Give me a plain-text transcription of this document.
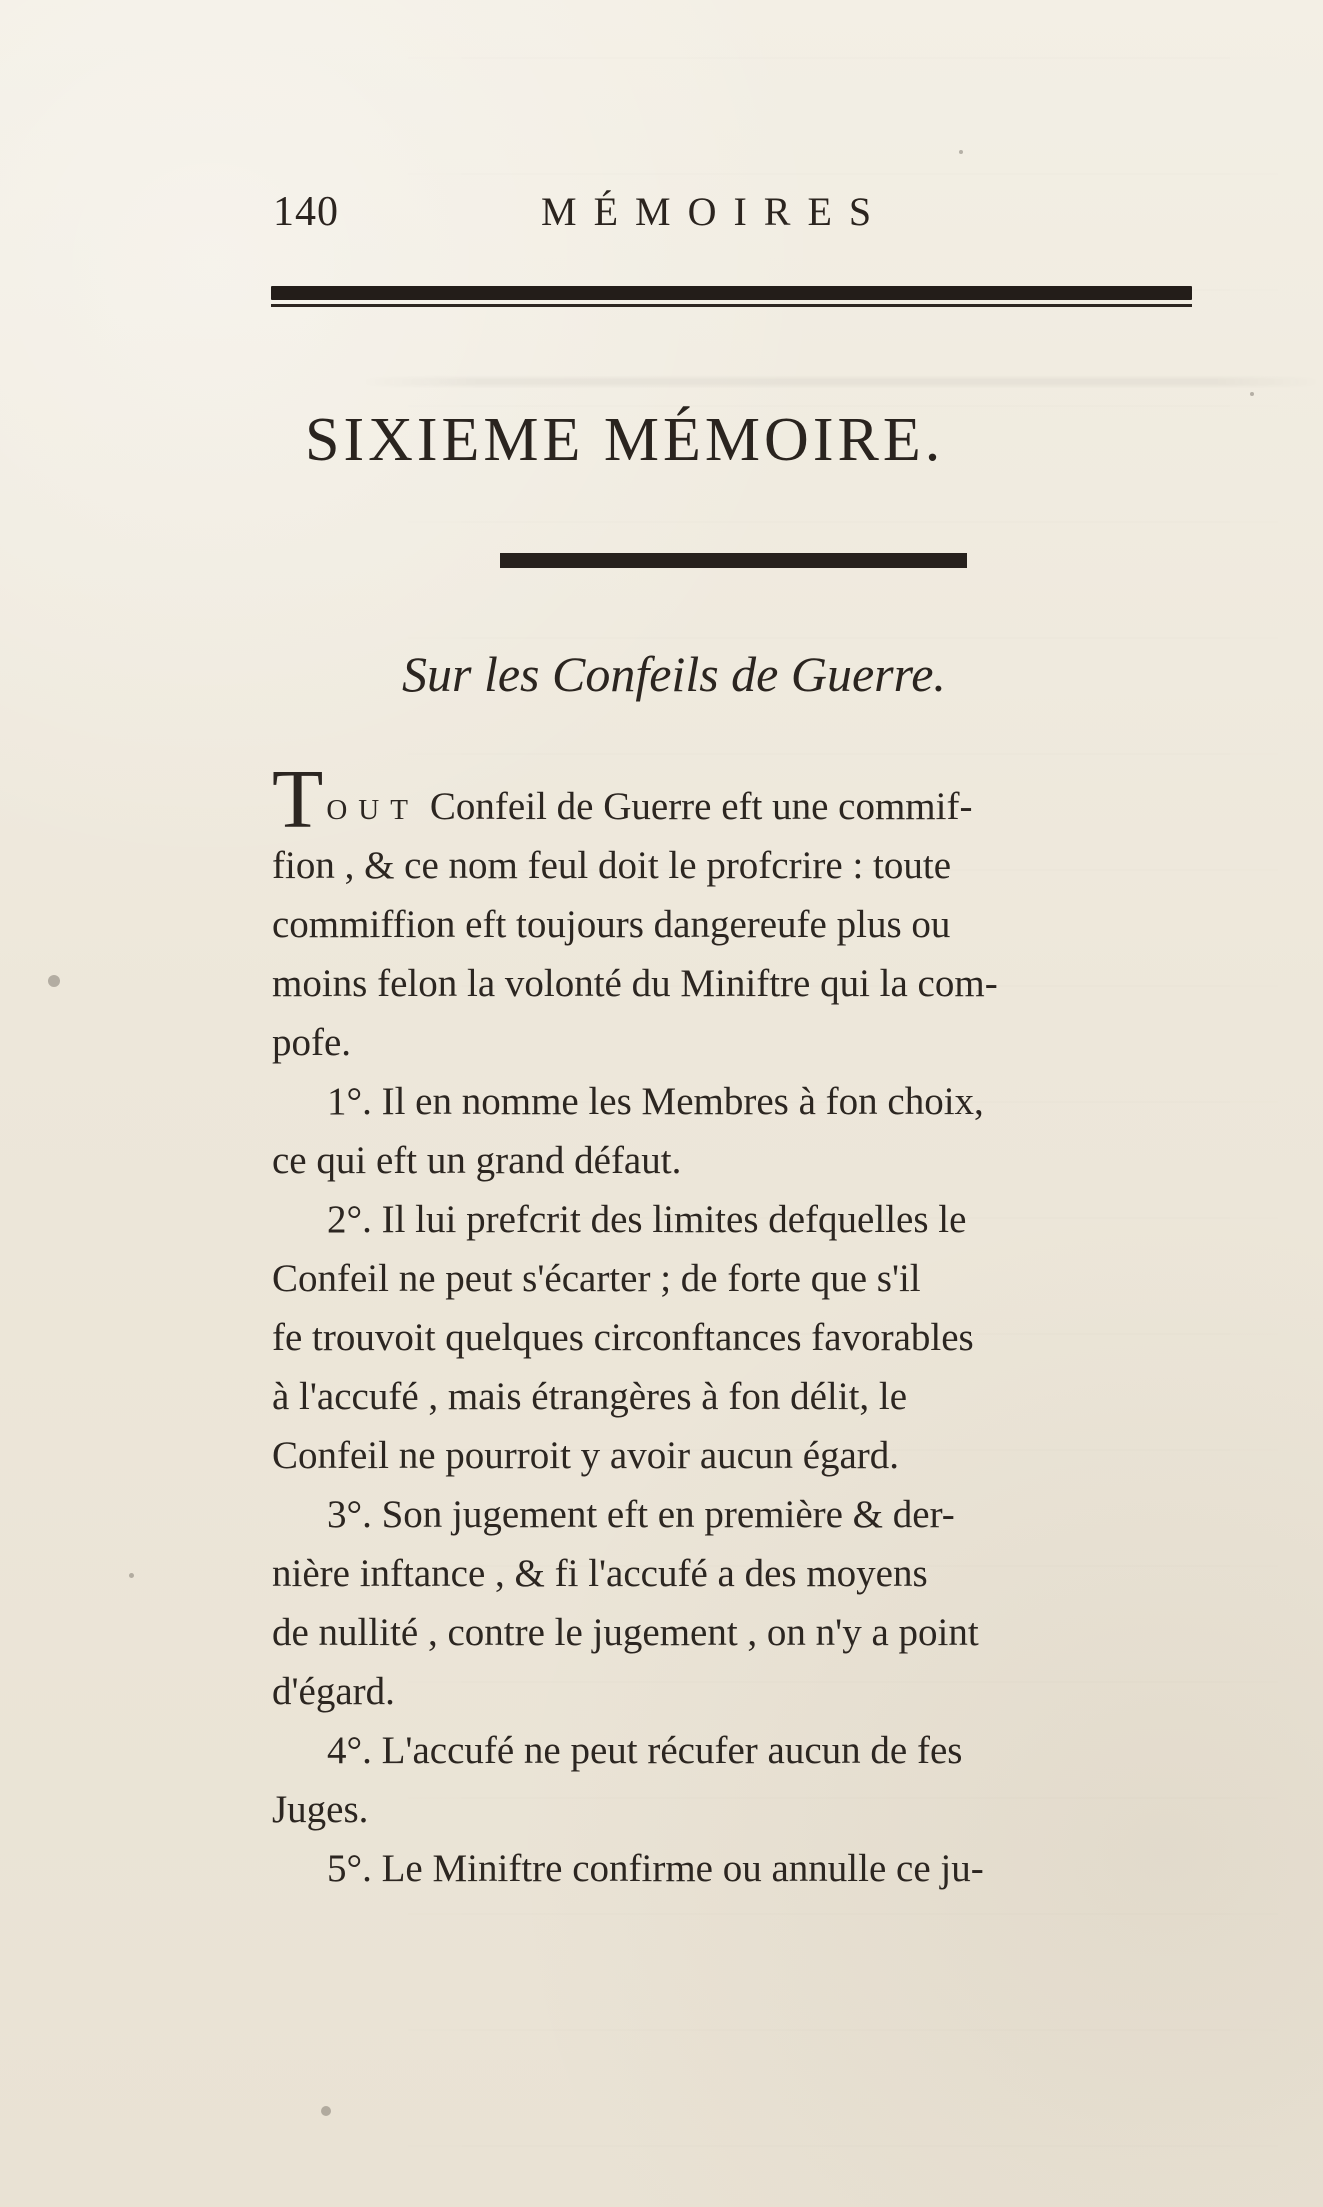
140	MÉMOIRES
SIXIEME MÉMOIRE.
Sur les Confeils de Guerre.
TOUT Confeil de Guerre eft une commif-
fion , & ce nom feul doit le profcrire : toute
commiffion eft toujours dangereufe plus ou
moins felon la volonté du Miniftre qui la com-
pofe.
1°. Il en nomme les Membres à fon choix,
ce qui eft un grand défaut.
2°. Il lui prefcrit des limites defquelles le
Confeil ne peut s'écarter ; de forte que s'il
fe trouvoit quelques circonftances favorables
à l'accufé , mais étrangères à fon délit, le
Confeil ne pourroit y avoir aucun égard.
3°. Son jugement eft en première & der-
nière inftance , & fi l'accufé a des moyens
de nullité , contre le jugement , on n'y a point
d'égard.
4°. L'accufé ne peut récufer aucun de fes
Juges.
5°. Le Miniftre confirme ou annulle ce ju-
